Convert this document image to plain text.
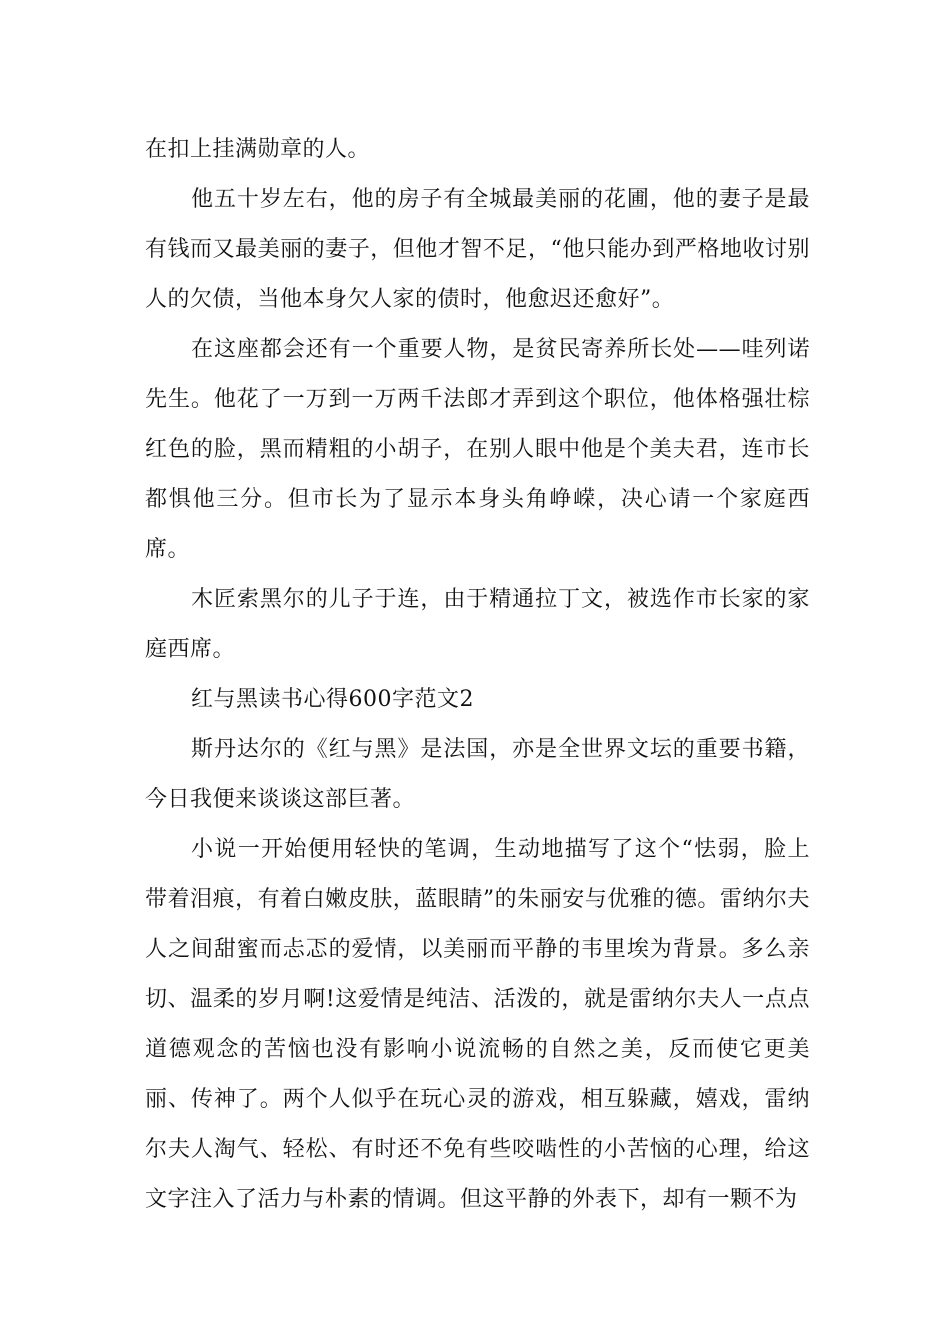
在扣上挂满勋章的人。

他五十岁左右，他的房子有全城最美丽的花圃，他的妻子是最有钱而又最美丽的妻子，但他才智不足，“他只能办到严格地收讨别人的欠债，当他本身欠人家的债时，他愈迟还愈好”。

在这座都会还有一个重要人物，是贫民寄养所长处——哇列诺先生。他花了一万到一万两千法郎才弄到这个职位，他体格强壮棕红色的脸，黑而精粗的小胡子，在别人眼中他是个美夫君，连市长都惧他三分。但市长为了显示本身头角峥嵘，决心请一个家庭西席。

木匠索黑尔的儿子于连，由于精通拉丁文，被选作市长家的家庭西席。

红与黑读书心得600字范文2

斯丹达尔的《红与黑》是法国，亦是全世界文坛的重要书籍，今日我便来谈谈这部巨著。

小说一开始便用轻快的笔调，生动地描写了这个“怯弱，脸上带着泪痕，有着白嫩皮肤，蓝眼睛”的朱丽安与优雅的德。雷纳尔夫人之间甜蜜而忐忑的爱情，以美丽而平静的韦里埃为背景。多么亲切、温柔的岁月啊!这爱情是纯洁、活泼的，就是雷纳尔夫人一点点道德观念的苦恼也没有影响小说流畅的自然之美，反而使它更美丽、传神了。两个人似乎在玩心灵的游戏，相互躲藏，嬉戏，雷纳尔夫人淘气、轻松、有时还不免有些咬啮性的小苦恼的心理，给这文字注入了活力与朴素的情调。但这平静的外表下，却有一颗不为
